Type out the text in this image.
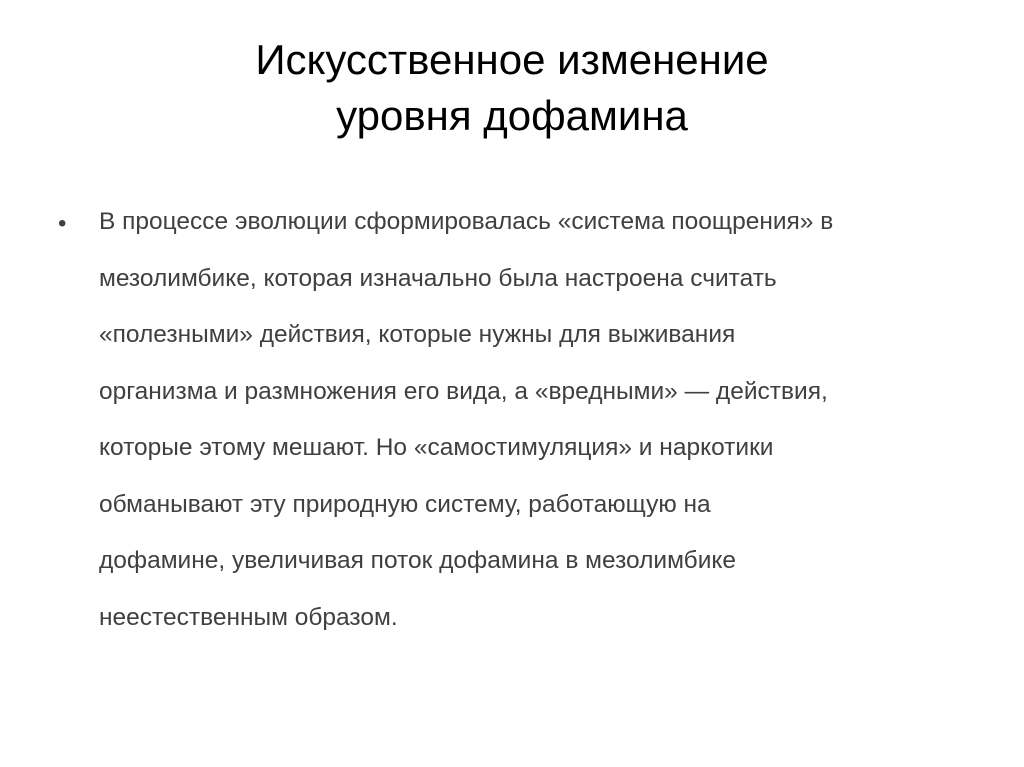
Искусственное изменение
уровня дофамина
• В процессе эволюции сформировалась «система поощрения» в
мезолимбике, которая изначально была настроена считать
«полезными» действия, которые нужны для выживания
организма и размножения его вида, а «вредными» — действия,
которые этому мешают. Но «самостимуляция» и наркотики
обманывают эту природную систему, работающую на
дофамине, увеличивая поток дофамина в мезолимбике
неестественным образом.
